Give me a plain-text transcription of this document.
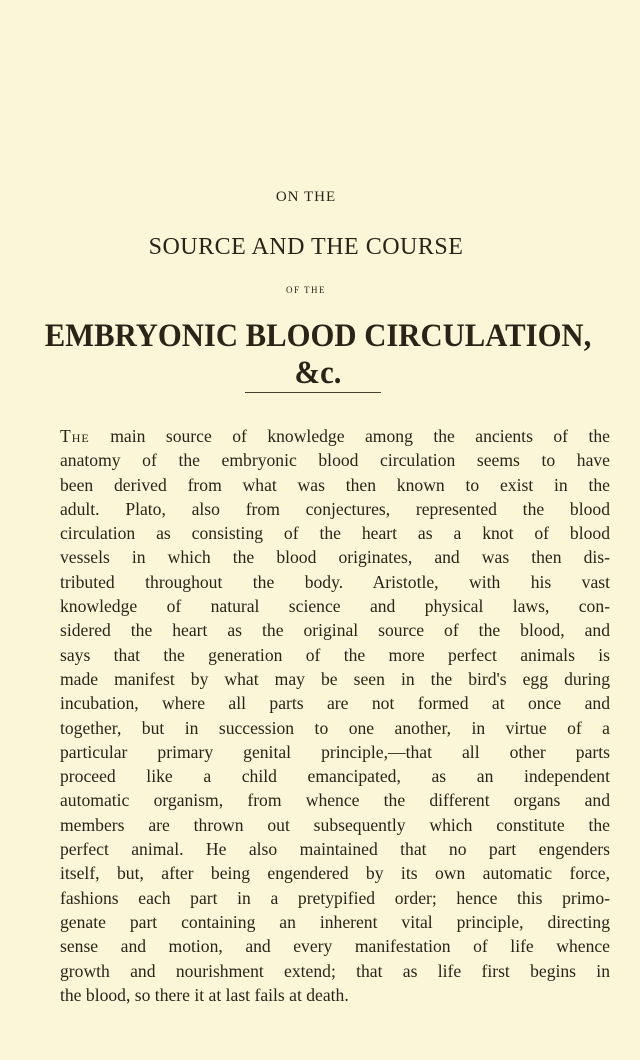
ON THE
SOURCE AND THE COURSE
OF THE
EMBRYONIC BLOOD CIRCULATION, &c.
The main source of knowledge among the ancients of the
anatomy of the embryonic blood circulation seems to have
been derived from what was then known to exist in the
adult. Plato, also from conjectures, represented the blood
circulation as consisting of the heart as a knot of blood
vessels in which the blood originates, and was then dis-
tributed throughout the body. Aristotle, with his vast
knowledge of natural science and physical laws, con-
sidered the heart as the original source of the blood, and
says that the generation of the more perfect animals is
made manifest by what may be seen in the bird's egg during
incubation, where all parts are not formed at once and
together, but in succession to one another, in virtue of a
particular primary genital principle,—that all other parts
proceed like a child emancipated, as an independent
automatic organism, from whence the different organs and
members are thrown out subsequently which constitute the
perfect animal. He also maintained that no part engenders
itself, but, after being engendered by its own automatic force,
fashions each part in a pretypified order; hence this primo-
genate part containing an inherent vital principle, directing
sense and motion, and every manifestation of life whence
growth and nourishment extend; that as life first begins in
the blood, so there it at last fails at death.
